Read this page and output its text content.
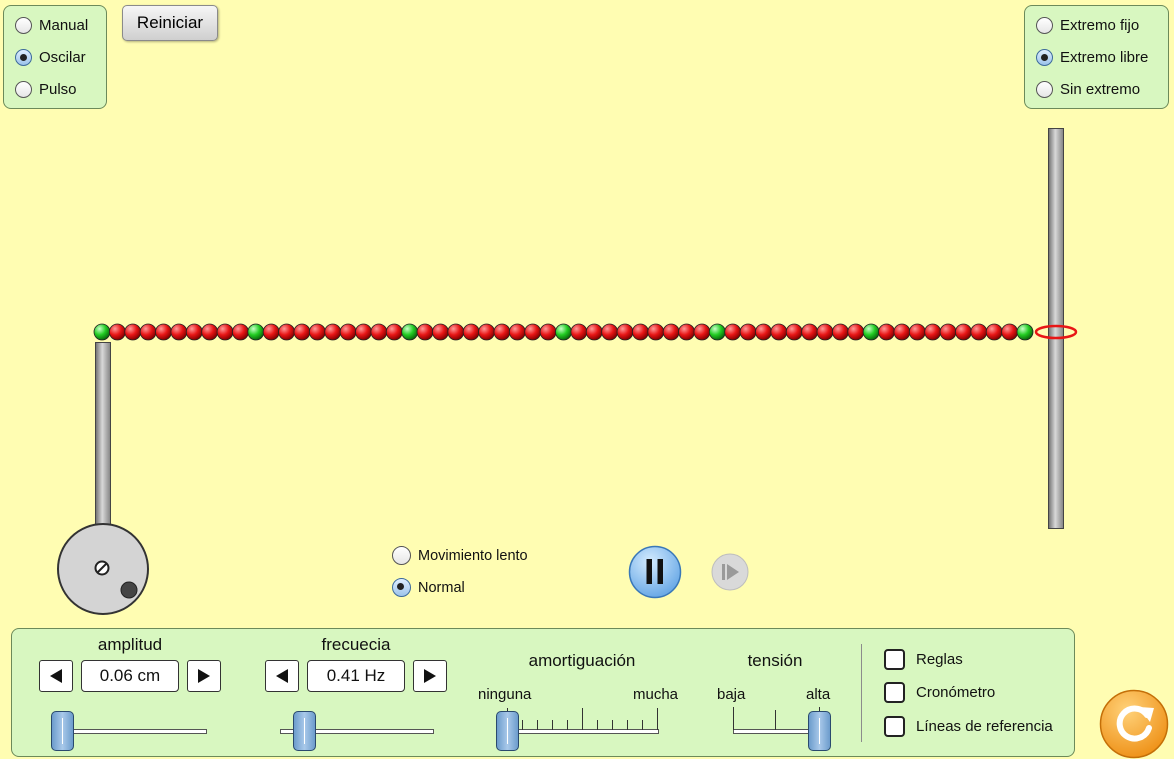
Manual
Oscilar
Pulso
Reiniciar	Extremo fijo
Extremo libre
Sin extremo
Movimiento lento
Normal
amplitud
0.06 cm
frecuecia
0.41 Hz
amortiguación
ninguna	mucha
tensión
baja	alta
Reglas
Cronómetro
Líneas de referencia
